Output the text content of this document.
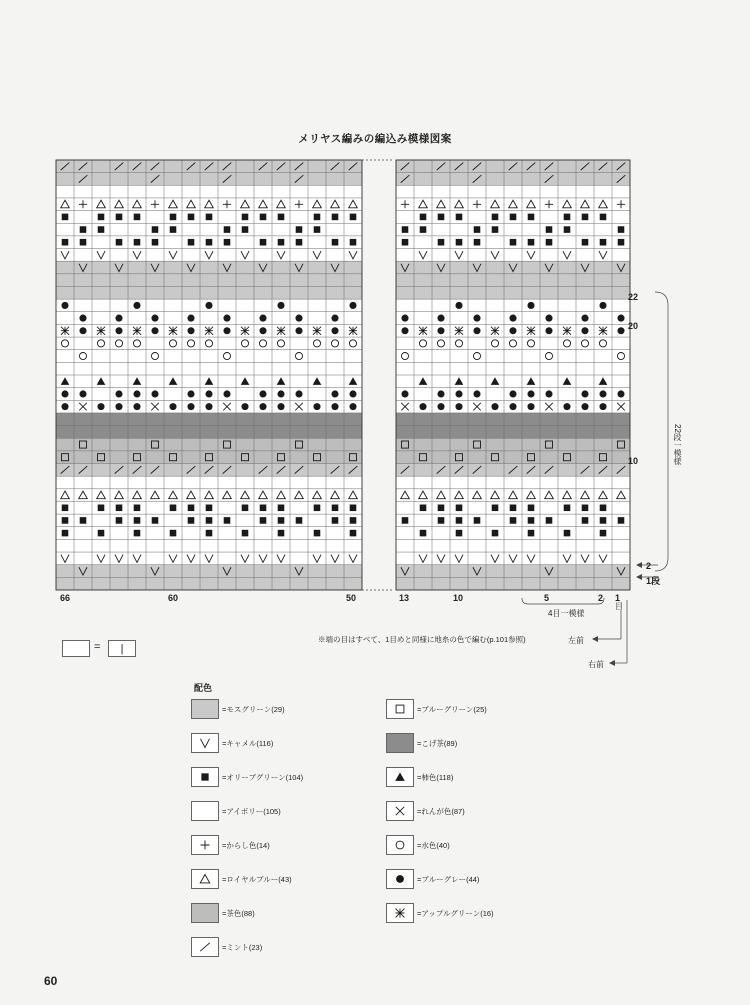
メリヤス編みの編込み模様図案
66	60	50	13	10	5	2 1
4目一模様
目
22
20
10
2
1段
22段一模様
= |
※端の目はすべて、1目めと同様に地糸の色で編む(p.101参照)	左前
右前
配色
=モスグリーン(29)
=キャメル(116)
=オリーブグリーン(104)
=アイボリー(105)
=からし色(14)
=ロイヤルブルー(43)
=茶色(88)
=ミント(23)
=ブルーグリーン(25)
=こげ茶(89)
=柿色(118)
=れんが色(87)
=水色(40)
=ブルーグレー(44)
=アップルグリーン(16)
60
